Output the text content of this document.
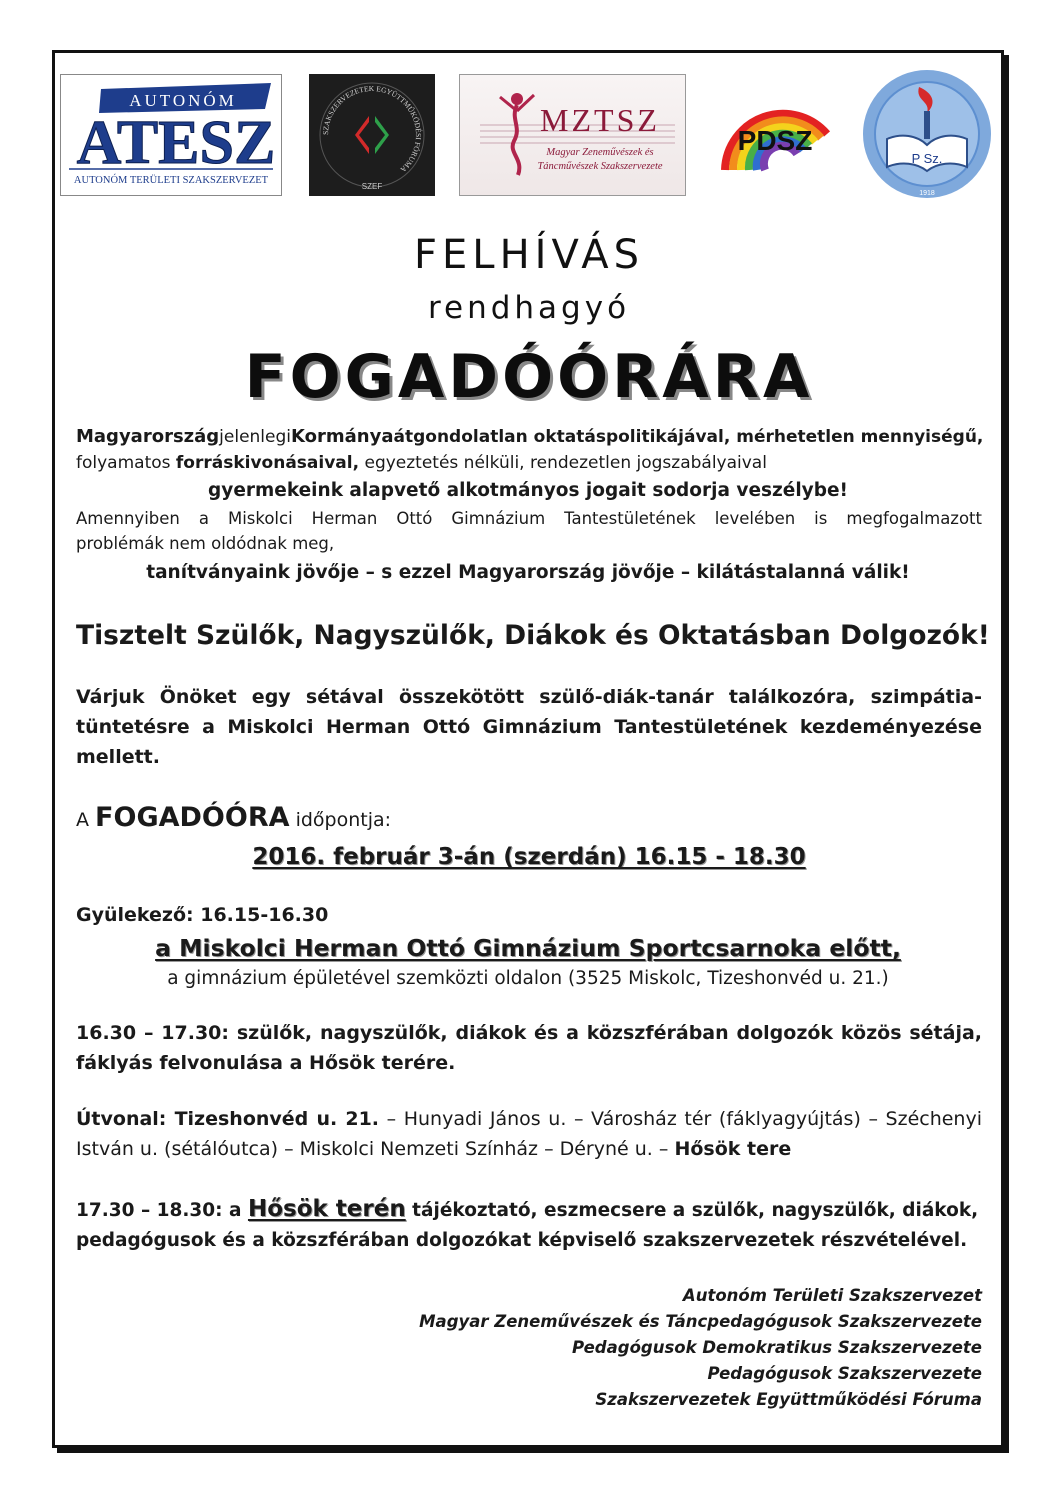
AUTONÓM
ATESZ
AUTONÓM TERÜLETI SZAKSZERVEZET
SZAKSZERVEZETEK EGYÜTTMŰKÖDÉSI FÓRUMA
SZEF
MZTSZ
Magyar Zeneművészek és
Táncművészek Szakszervezete
PDSZ
P Sz.
1918
FELHÍVÁS
rendhagyó
FOGADÓÓRÁRA
Magyarország jelenlegi Kormánya átgondolatlan oktatáspolitikájával, mérhetetlen mennyiségű,
folyamatos forráskivonásaival, egyeztetés nélküli, rendezetlen jogszabályaival
gyermekeink alapvető alkotmányos jogait sodorja veszélybe!
Amennyiben a Miskolci Herman Ottó Gimnázium Tantestületének levelében is megfogalmazott
problémák nem oldódnak meg,
tanítványaink jövője – s ezzel Magyarország jövője – kilátástalanná válik!
Tisztelt Szülők, Nagyszülők, Diákok és Oktatásban Dolgozók!

Várjuk Önöket egy sétával összekötött szülő-diák-tanár találkozóra, szimpátia-tüntetésre a Miskolci Herman Ottó Gimnázium Tantestületének kezdeményezése mellett.

A FOGADÓÓRA időpontja:
2016. február 3-án (szerdán) 16.15 - 18.30
Gyülekező: 16.15-16.30
a Miskolci Herman Ottó Gimnázium Sportcsarnoka előtt,
a gimnázium épületével szemközti oldalon (3525 Miskolc, Tizeshonvéd u. 21.)

16.30 – 17.30: szülők, nagyszülők, diákok és a közszférában dolgozók közös sétája, fáklyás felvonulása a Hősök terére.

Útvonal: Tizeshonvéd u. 21. – Hunyadi János u. – Városház tér (fáklyagyújtás) – Széchenyi István u. (sétálóutca) – Miskolci Nemzeti Színház – Déryné u. – Hősök tere

17.30 – 18.30: a Hősök terén tájékoztató, eszmecsere a szülők, nagyszülők, diákok, pedagógusok és a közszférában dolgozókat képviselő szakszervezetek részvételével.

Autonóm Területi Szakszervezet
Magyar Zeneművészek és Táncpedagógusok Szakszervezete
Pedagógusok Demokratikus Szakszervezete
Pedagógusok Szakszervezete
Szakszervezetek Együttműködési Fóruma
